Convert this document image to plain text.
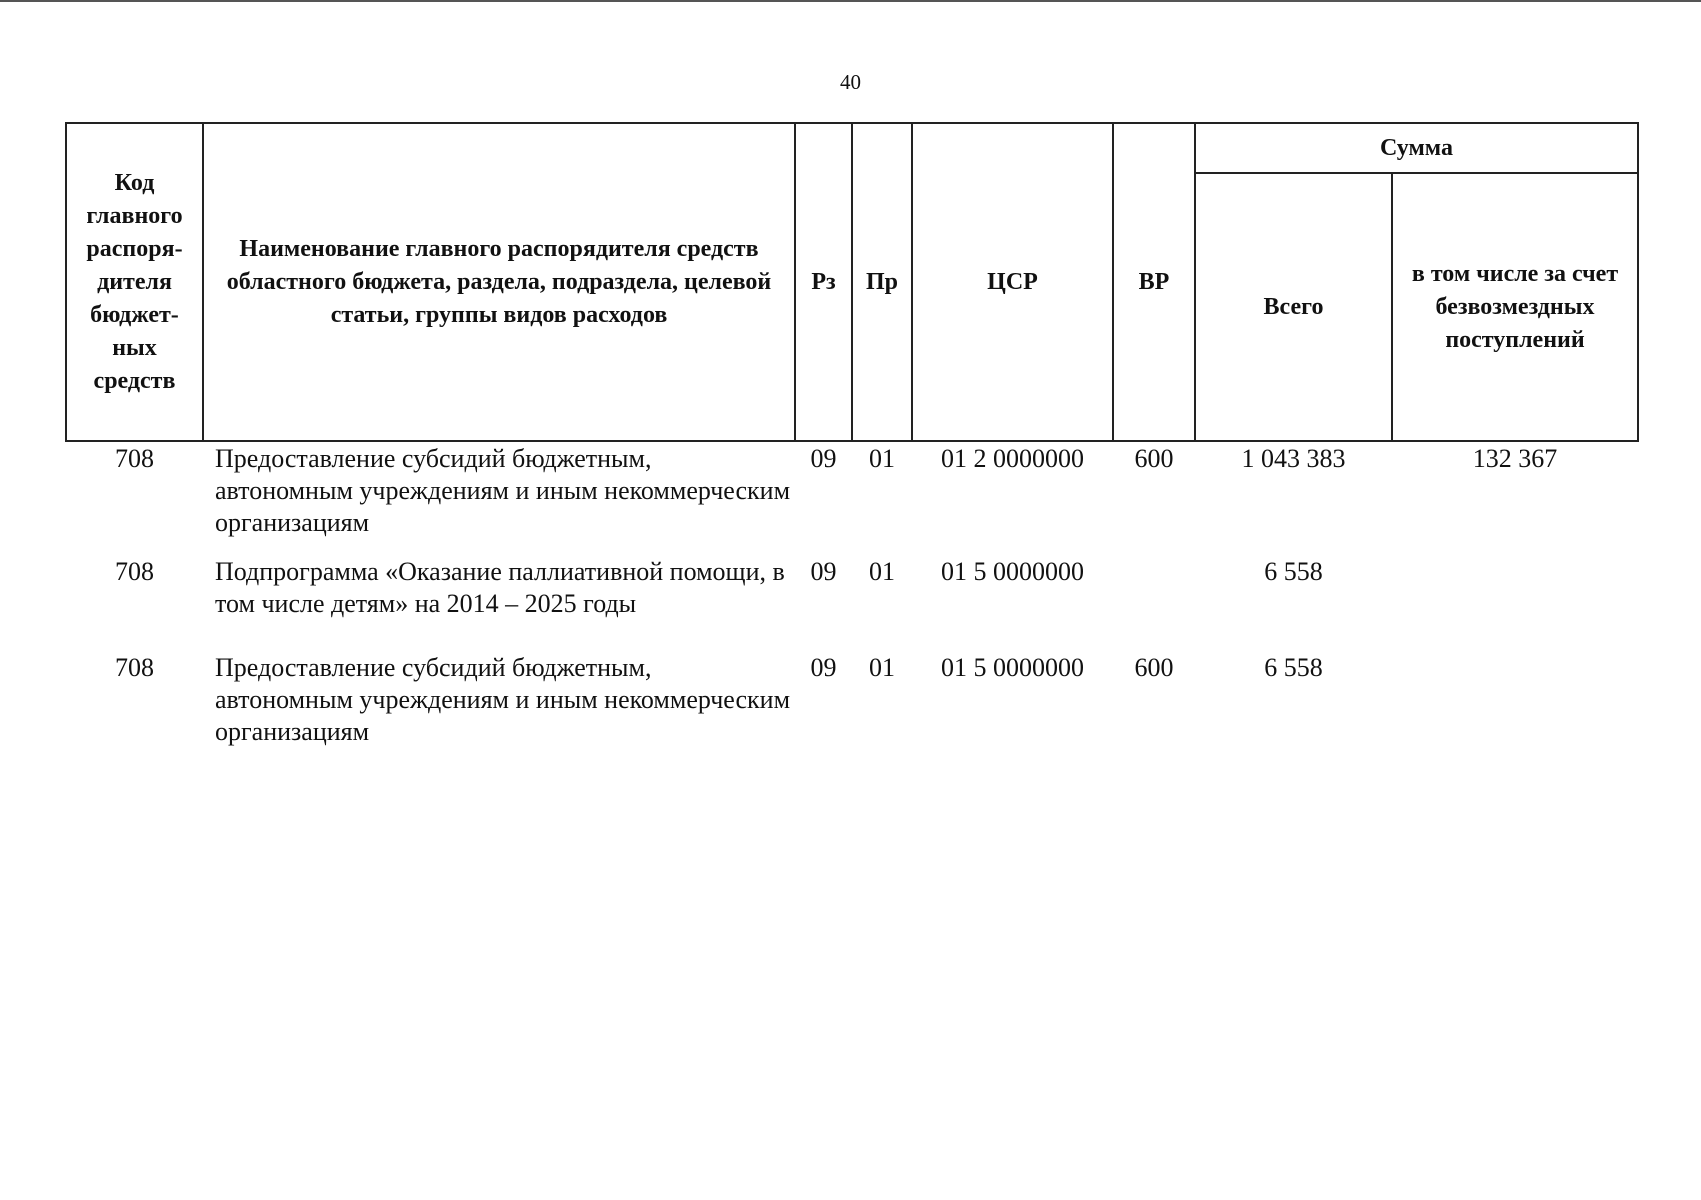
40
Код главного распоря-дителя бюджет-ных средств	Наименование главного распорядителя средств областного бюджета, раздела, подраздела, целевой статьи, группы видов расходов	Рз	Пр	ЦСР	ВР	Сумма	
						Всего	в том числе за счет безвозмездных поступлений
708	Предоставление субсидий бюджетным, автономным учреждениям и иным некоммерческим организациям	09	01	01 2 0000000	600	1 043 383	132 367
708	Подпрограмма «Оказание паллиативной помощи, в том числе детям» на 2014 – 2025 годы	09	01	01 5 0000000		6 558	
708	Предоставление субсидий бюджетным, автономным учреждениям и иным некоммерческим организациям	09	01	01 5 0000000	600	6 558	
